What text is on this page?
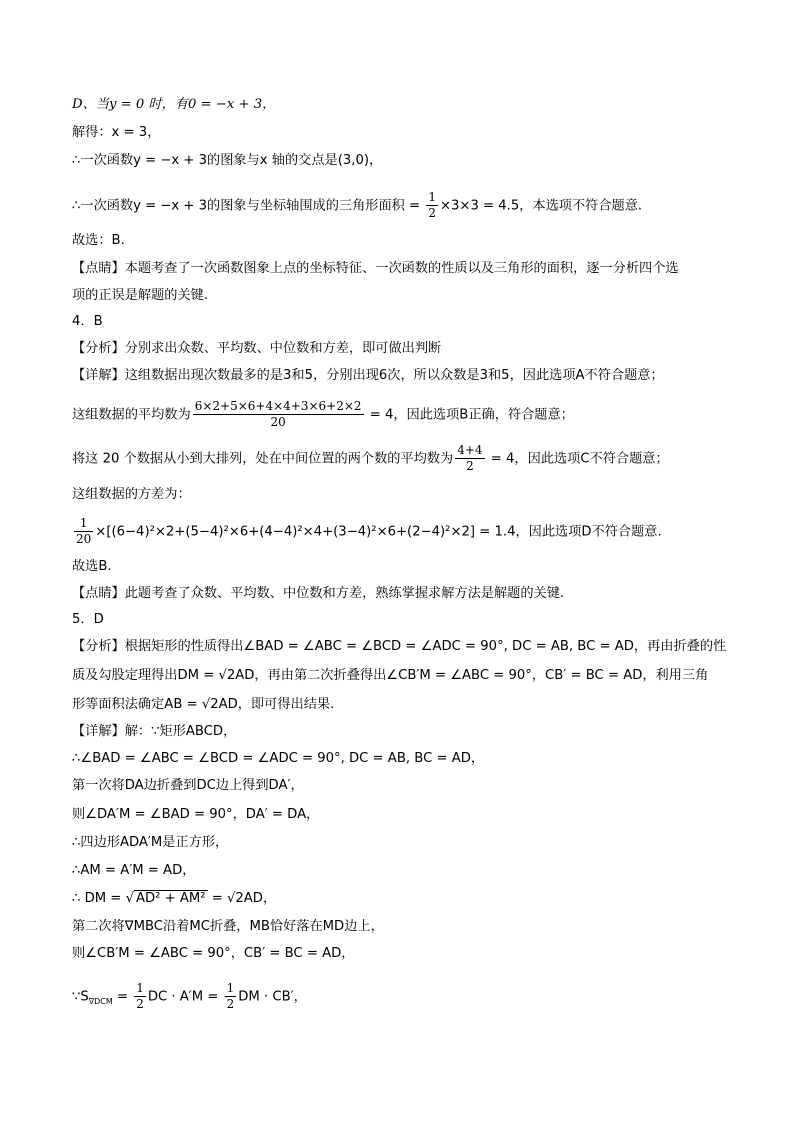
D、当y = 0 时，有0 = −x + 3，
解得：x = 3，
∴一次函数y = −x + 3的图象与x 轴的交点是(3,0)，
∴一次函数y = −x + 3的图象与坐标轴围成的三角形面积 = $\frac{1}{2} \times 3\times 3 = 4.5$，本选项不符合题意.
故选：B.
【点睛】本题考查了一次函数图象上点的坐标特征、一次函数的性质以及三角形的面积，逐一分析四个选
项的正误是解题的关键.
4．B
【分析】分别求出众数、平均数、中位数和方差，即可做出判断
【详解】这组数据出现次数最多的是3和5，分别出现6次，所以众数是3和5，因此选项A不符合题意；
这组数据的平均数为 $\frac{6\times 2+5\times 6+4\times 4+3\times 6+2\times 2}{20} = 4$，因此选项B正确，符合题意；
将这 20 个数据从小到大排列，处在中间位置的两个数的平均数为 $\frac{4+4}{2} = 4$，因此选项C不符合题意；
这组数据的方差为：
$\frac{1}{20} \times[(6-4)^2\times 2+(5-4)^2\times 6+(4-4)^2\times 4+(3-4)^2\times 6+(2-4)^2\times 2] = 1.4$，因此选项D不符合题意.
故选B.
【点睛】此题考查了众数、平均数、中位数和方差，熟练掌握求解方法是解题的关键.
5．D
【分析】根据矩形的性质得出∠BAD = ∠ABC = ∠BCD = ∠ADC = 90°, DC = AB, BC = AD，再由折叠的性
质及勾股定理得出DM = √2AD，再由第二次折叠得出∠CB′M = ∠ABC = 90°，CB′ = BC = AD，利用三角
形等面积法确定AB = √2AD，即可得出结果.
【详解】解：∵矩形ABCD，
∴∠BAD = ∠ABC = ∠BCD = ∠ADC = 90°, DC = AB, BC = AD，
第一次将DA边折叠到DC边上得到DA′，
则∠DA′M = ∠BAD = 90°，DA′ = DA，
∴四边形ADA′M是正方形，
∴AM = A′M = AD，
∴ DM = √ AD² + AM² = √2AD，
第二次将∇MBC沿着MC折叠，MB恰好落在MD边上，
则∠CB′M = ∠ABC = 90°，CB′ = BC = AD，
$\because S_{\nabla DCM} = \frac{1}{2}$ DC · $A'M = \frac{1}{2}$ DM · CB′，
